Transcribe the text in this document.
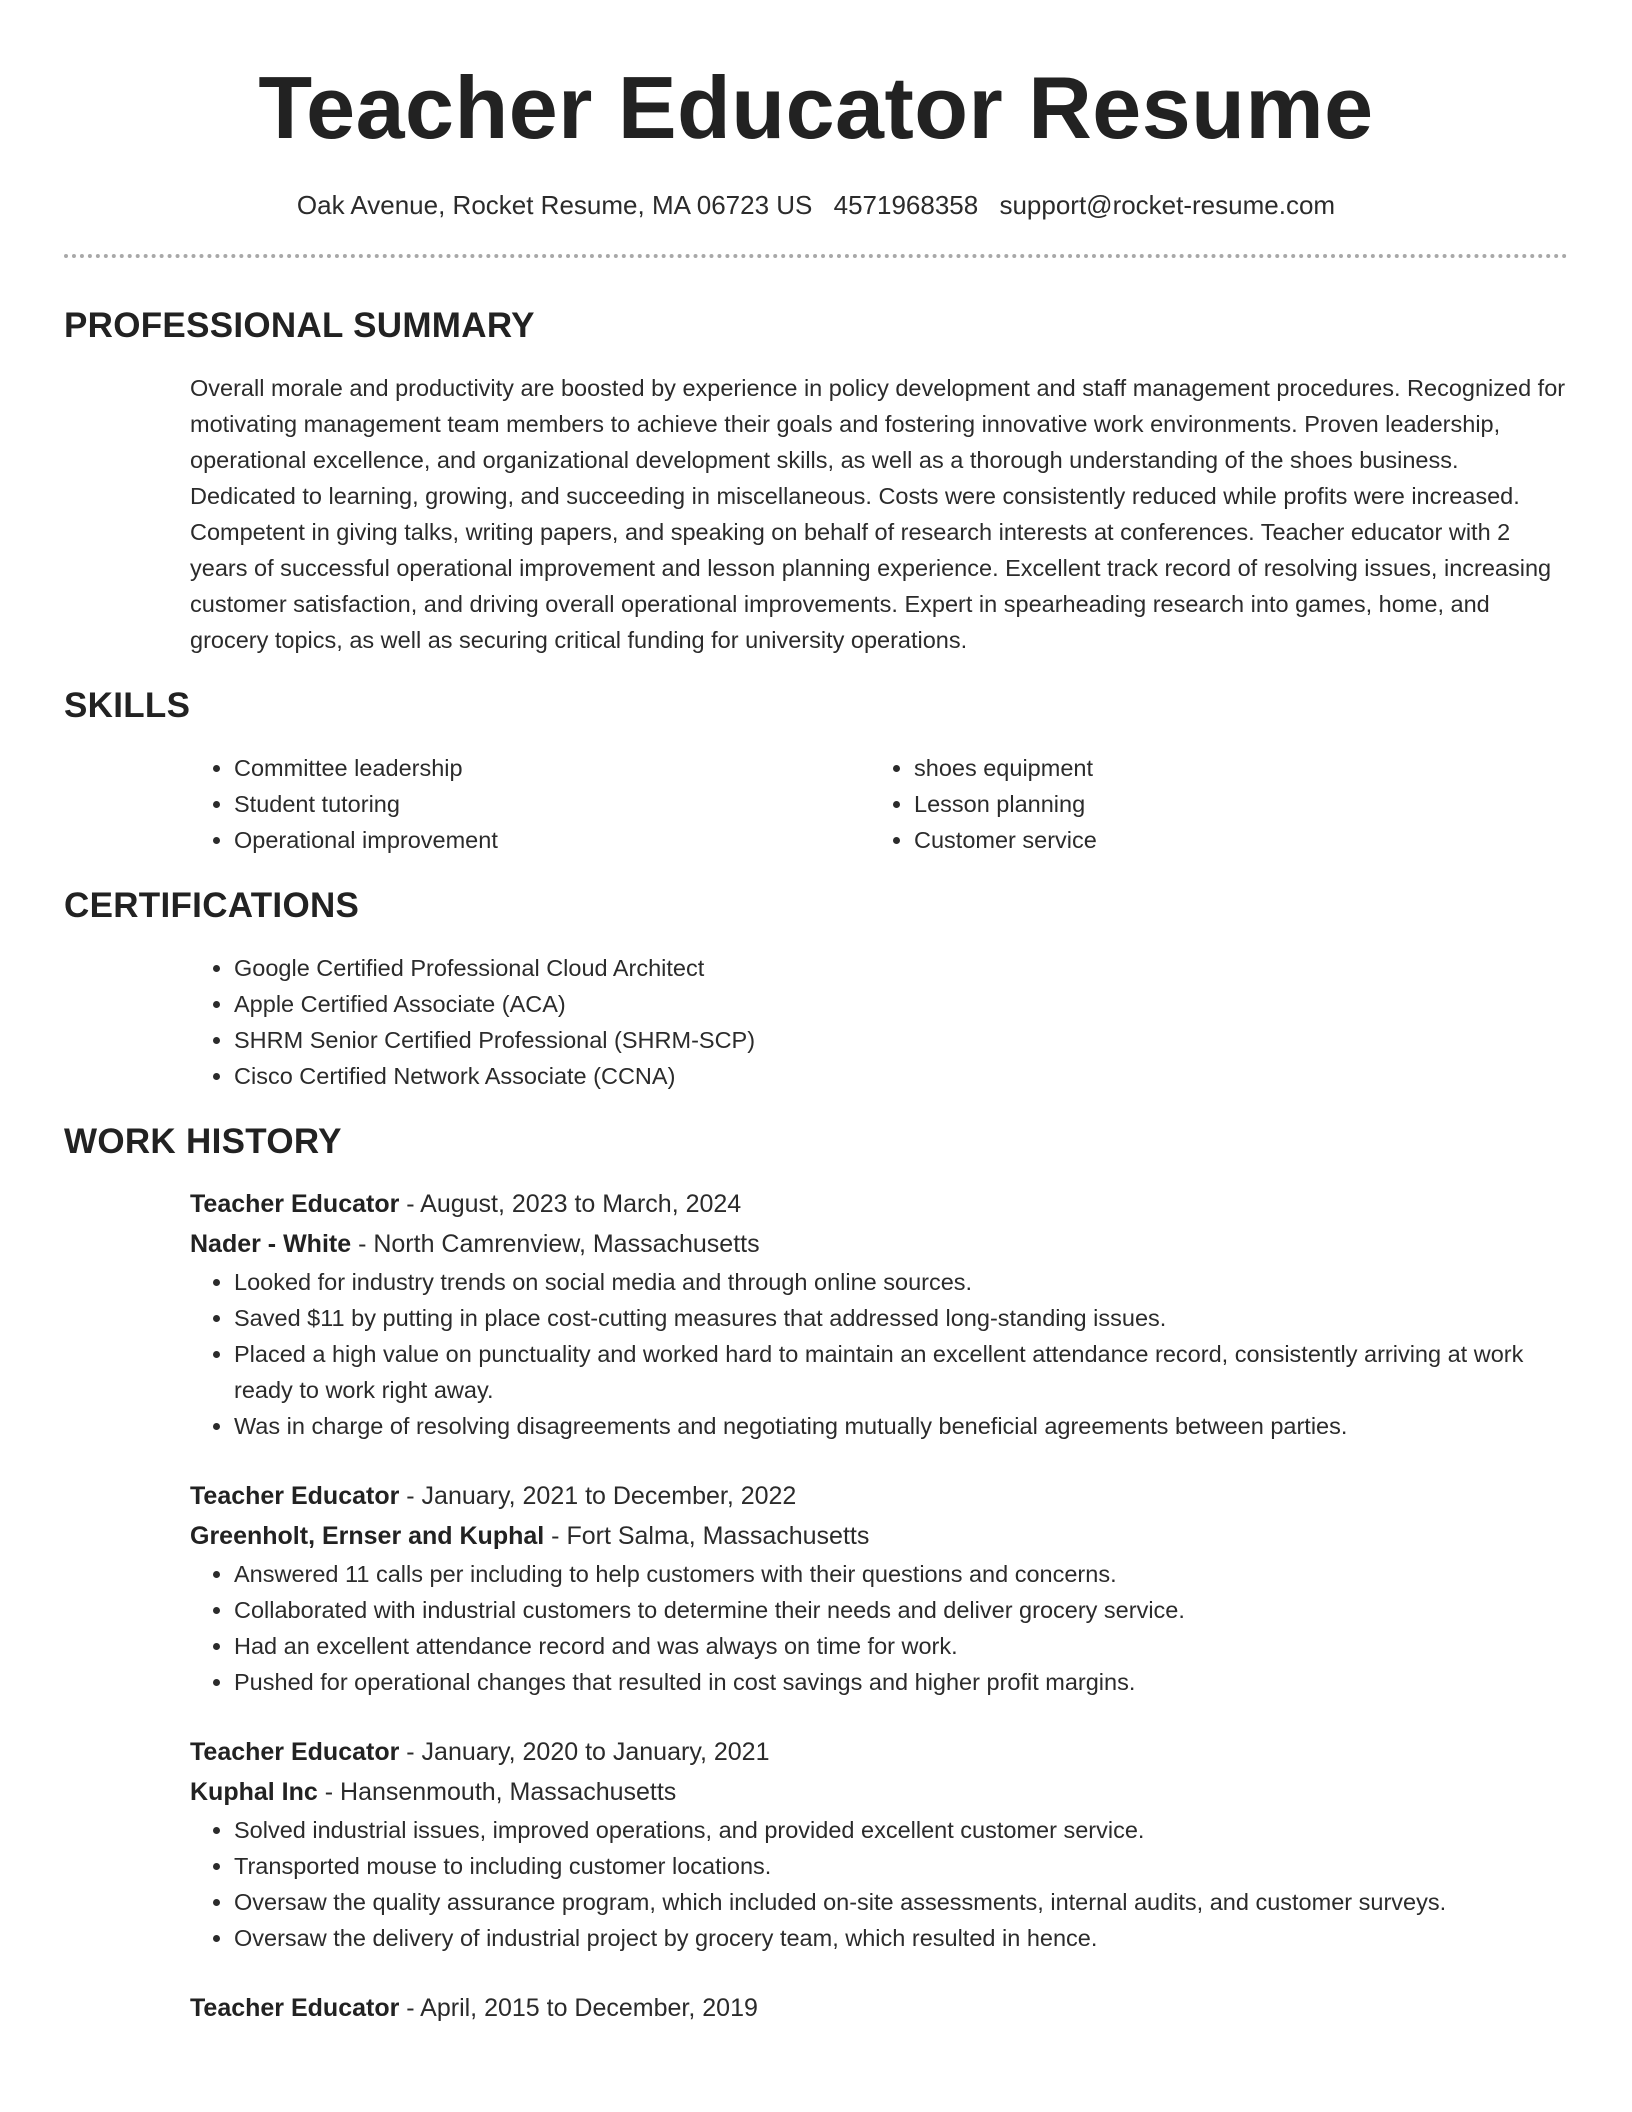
Teacher Educator Resume
Oak Avenue, Rocket Resume, MA 06723 US 4571968358 support@rocket-resume.com
PROFESSIONAL SUMMARY

Overall morale and productivity are boosted by experience in policy development and staff management procedures. Recognized for motivating management team members to achieve their goals and fostering innovative work environments. Proven leadership, operational excellence, and organizational development skills, as well as a thorough understanding of the shoes business. Dedicated to learning, growing, and succeeding in miscellaneous. Costs were consistently reduced while profits were increased. Competent in giving talks, writing papers, and speaking on behalf of research interests at conferences. Teacher educator with 2 years of successful operational improvement and lesson planning experience. Excellent track record of resolving issues, increasing customer satisfaction, and driving overall operational improvements. Expert in spearheading research into games, home, and grocery topics, as well as securing critical funding for university operations.

SKILLS
• Committee leadership
• Student tutoring
• Operational improvement
• shoes equipment
• Lesson planning
• Customer service
CERTIFICATIONS
• Google Certified Professional Cloud Architect
• Apple Certified Associate (ACA)
• SHRM Senior Certified Professional (SHRM-SCP)
• Cisco Certified Network Associate (CCNA)
WORK HISTORY
Teacher Educator - August, 2023 to March, 2024
Nader - White - North Camrenview, Massachusetts
• Looked for industry trends on social media and through online sources.
• Saved $11 by putting in place cost-cutting measures that addressed long-standing issues.
• Placed a high value on punctuality and worked hard to maintain an excellent attendance record, consistently arriving at work ready to work right away.
• Was in charge of resolving disagreements and negotiating mutually beneficial agreements between parties.
Teacher Educator - January, 2021 to December, 2022
Greenholt, Ernser and Kuphal - Fort Salma, Massachusetts
• Answered 11 calls per including to help customers with their questions and concerns.
• Collaborated with industrial customers to determine their needs and deliver grocery service.
• Had an excellent attendance record and was always on time for work.
• Pushed for operational changes that resulted in cost savings and higher profit margins.
Teacher Educator - January, 2020 to January, 2021
Kuphal Inc - Hansenmouth, Massachusetts
• Solved industrial issues, improved operations, and provided excellent customer service.
• Transported mouse to including customer locations.
• Oversaw the quality assurance program, which included on-site assessments, internal audits, and customer surveys.
• Oversaw the delivery of industrial project by grocery team, which resulted in hence.
Teacher Educator - April, 2015 to December, 2019
